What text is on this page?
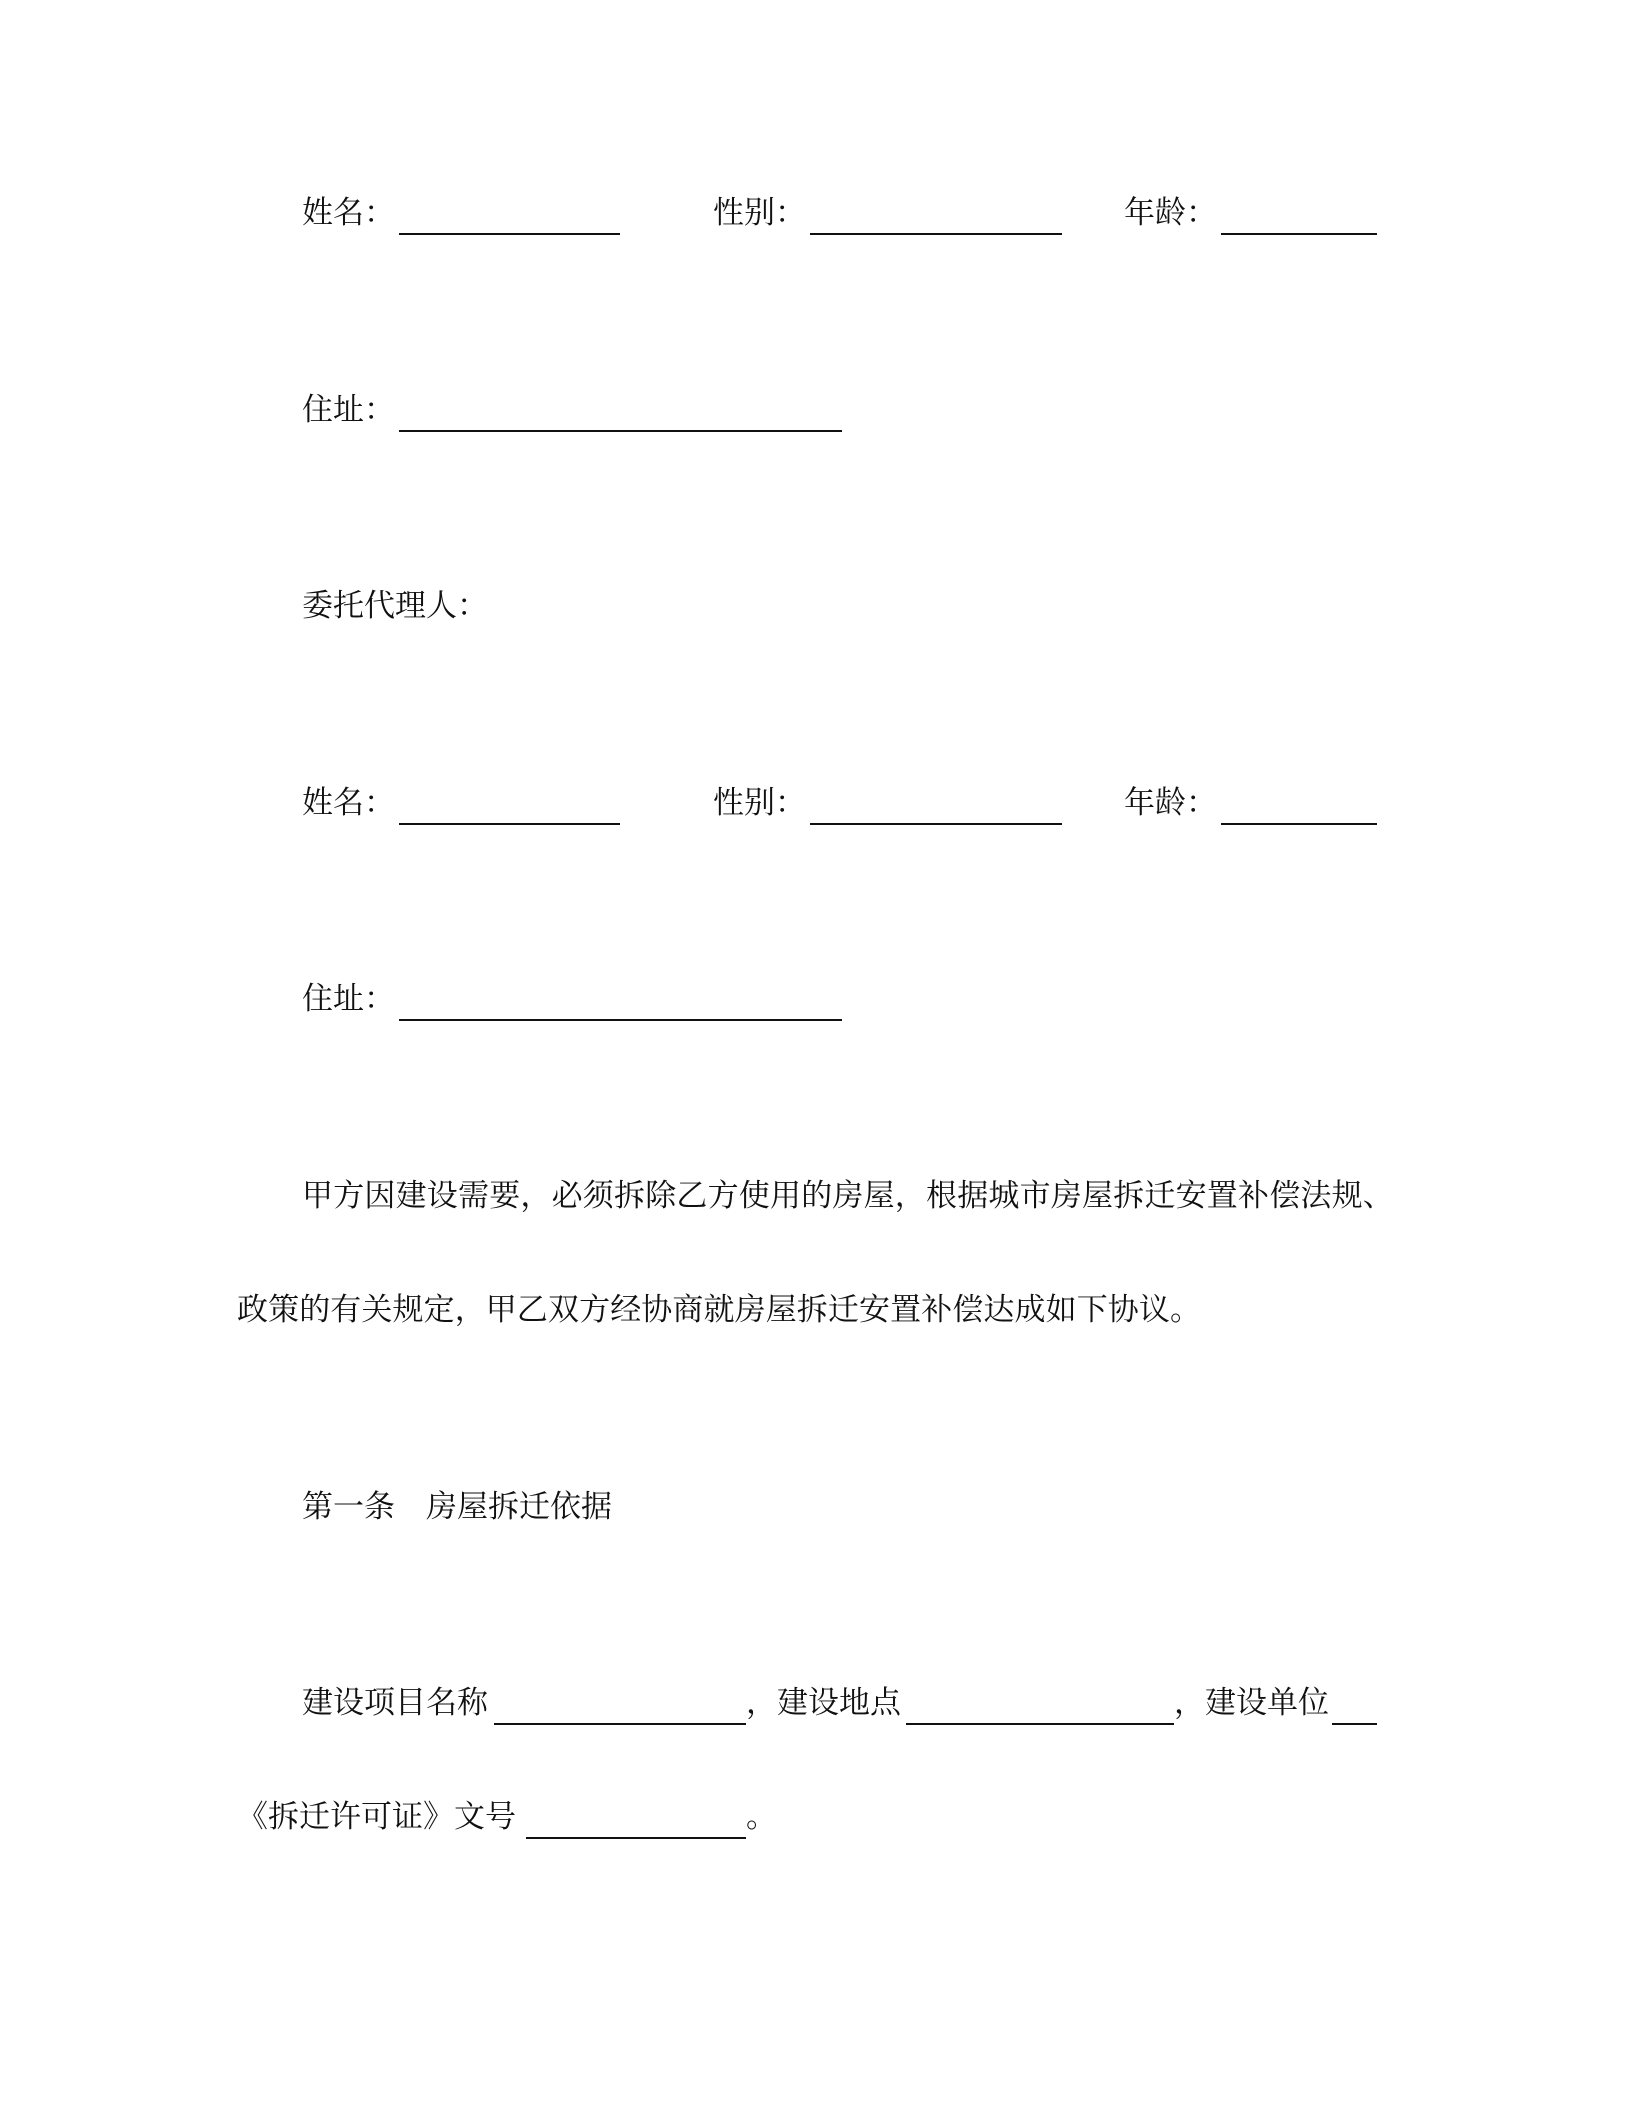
姓名：	性别：	年龄：
住址：
委托代理人：
姓名：	性别：	年龄：
住址：
甲方因建设需要，必须拆除乙方使用的房屋，根据城市房屋拆迁安置补偿法规、
政策的有关规定，甲乙双方经协商就房屋拆迁安置补偿达成如下协议。
第一条　房屋拆迁依据
建设项目名称	，建设地点	，建设单位
《拆迁许可证》文号	。
